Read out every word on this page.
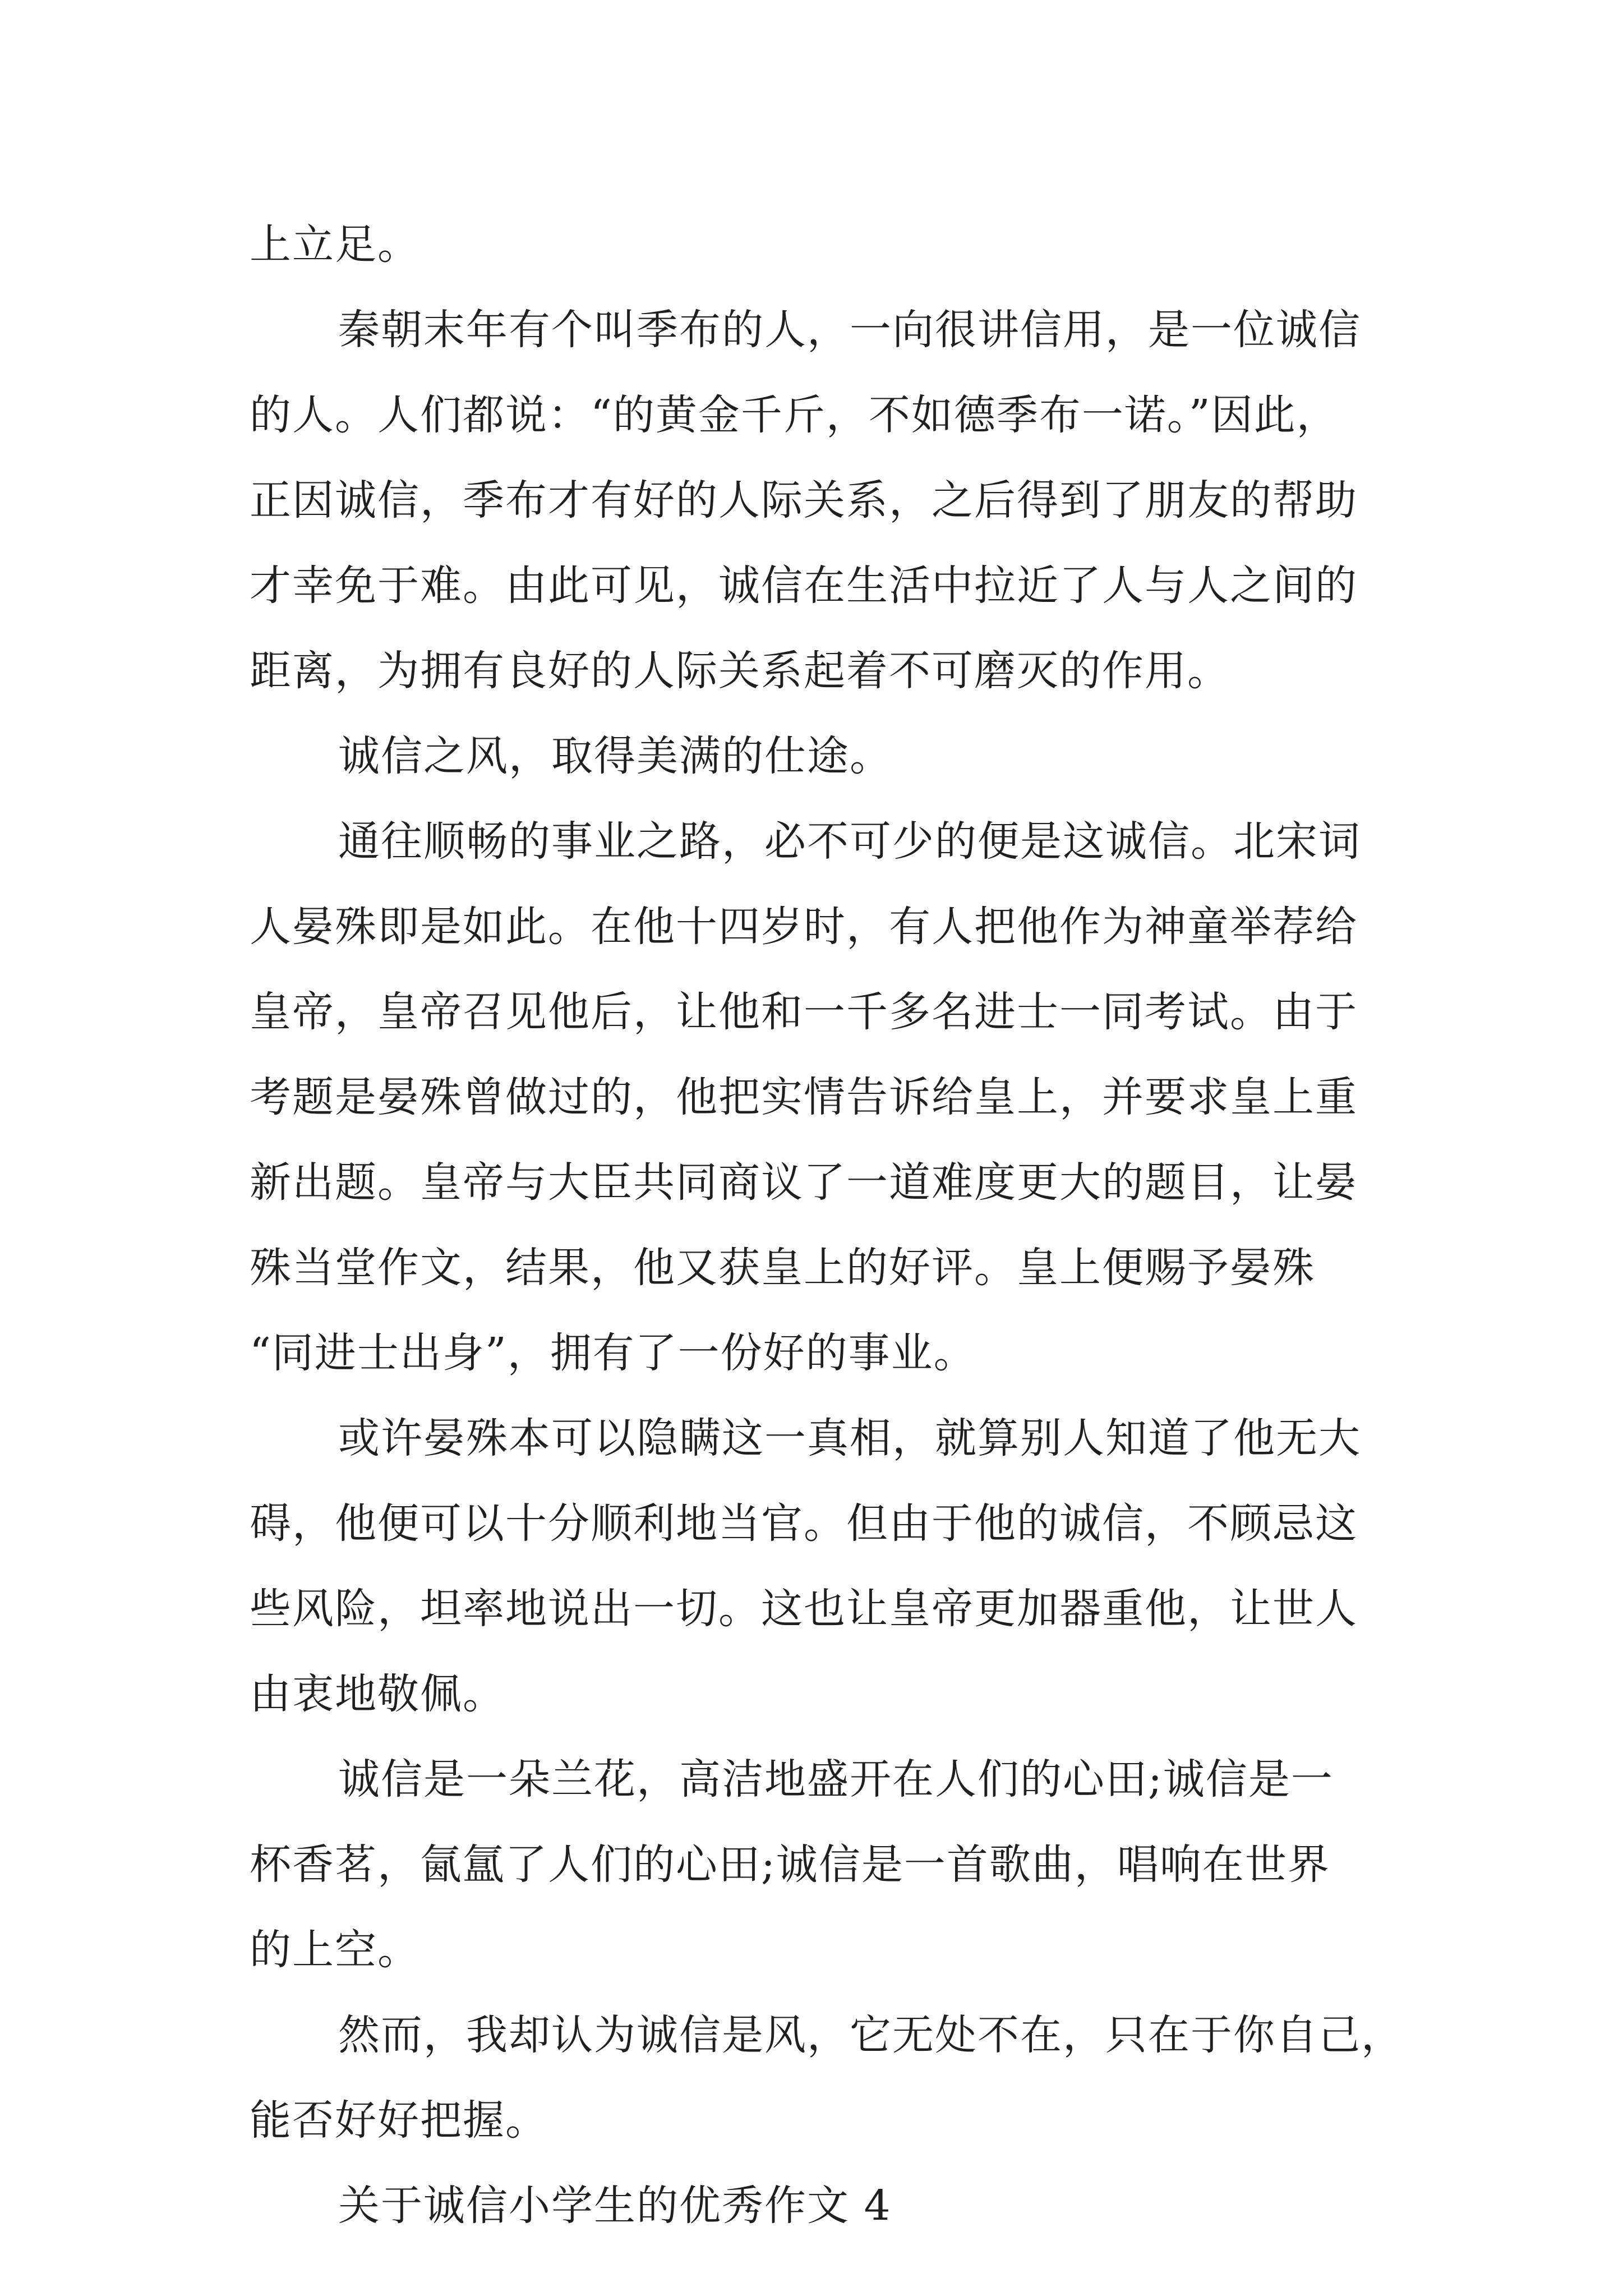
上立足。
秦朝末年有个叫季布的人，一向很讲信用，是一位诚信
的人。人们都说：“的黄金千斤，不如德季布一诺。”因此，
正因诚信，季布才有好的人际关系，之后得到了朋友的帮助
才幸免于难。由此可见，诚信在生活中拉近了人与人之间的
距离，为拥有良好的人际关系起着不可磨灭的作用。
诚信之风，取得美满的仕途。
通往顺畅的事业之路，必不可少的便是这诚信。北宋词
人晏殊即是如此。在他十四岁时，有人把他作为神童举荐给
皇帝，皇帝召见他后，让他和一千多名进士一同考试。由于
考题是晏殊曾做过的，他把实情告诉给皇上，并要求皇上重
新出题。皇帝与大臣共同商议了一道难度更大的题目，让晏
殊当堂作文，结果，他又获皇上的好评。皇上便赐予晏殊
“同进士出身”，拥有了一份好的事业。
或许晏殊本可以隐瞒这一真相，就算别人知道了他无大
碍，他便可以十分顺利地当官。但由于他的诚信，不顾忌这
些风险，坦率地说出一切。这也让皇帝更加器重他，让世人
由衷地敬佩。
诚信是一朵兰花，高洁地盛开在人们的心田;诚信是一
杯香茗，氤氲了人们的心田;诚信是一首歌曲，唱响在世界
的上空。
然而，我却认为诚信是风，它无处不在，只在于你自己，
能否好好把握。
关于诚信小学生的优秀作文 4
